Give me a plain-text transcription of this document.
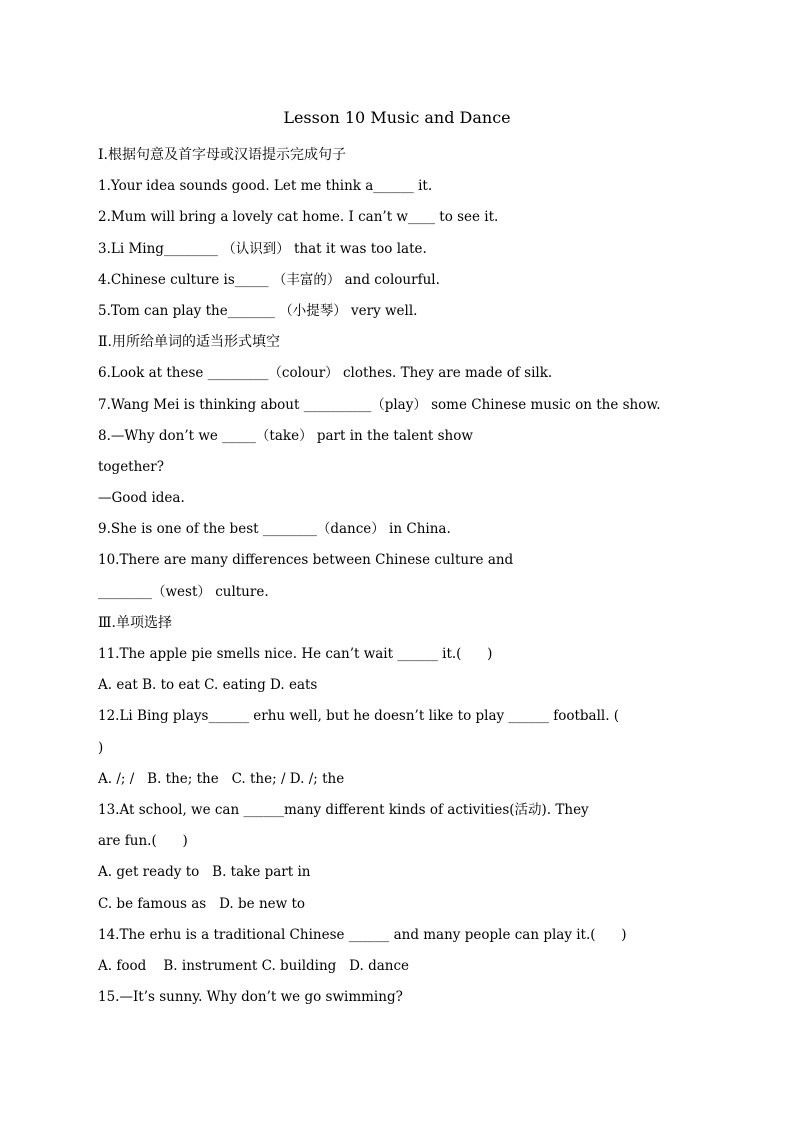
Lesson 10 Music and Dance
Ⅰ.根据句意及首字母或汉语提示完成句子
1.Your idea sounds good. Let me think a______ it.
2.Mum will bring a lovely cat home. I can’t w____ to see it.
3.Li Ming________ （认识到） that it was too late.
4.Chinese culture is_____ （丰富的） and colourful.
5.Tom can play the_______ （小提琴） very well.
Ⅱ.用所给单词的适当形式填空
6.Look at these _________（colour） clothes. They are made of silk.
7.Wang Mei is thinking about __________（play） some Chinese music on the show.
8.—Why don’t we _____（take） part in the talent show
together?
—Good idea.
9.She is one of the best ________（dance） in China.
10.There are many differences between Chinese culture and
________（west） culture.
Ⅲ.单项选择
11.The apple pie smells nice. He can’t wait ______ it.(      )
A. eat B. to eat C. eating D. eats
12.Li Bing plays______ erhu well, but he doesn’t like to play ______ football. (
)
A. /; /   B. the; the   C. the; / D. /; the
13.At school, we can ______many different kinds of activities(活动). They
are fun.(      )
A. get ready to   B. take part in
C. be famous as   D. be new to
14.The erhu is a traditional Chinese ______ and many people can play it.(      )
A. food    B. instrument C. building   D. dance
15.—It’s sunny. Why don’t we go swimming?
